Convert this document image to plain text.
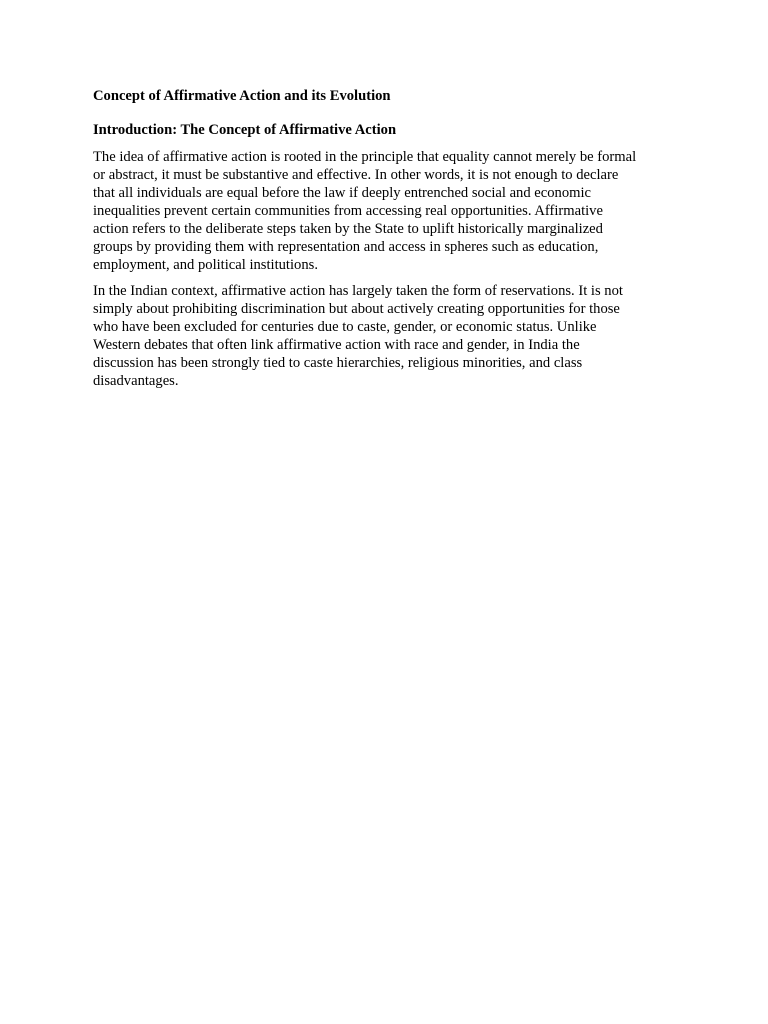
Concept of Affirmative Action and its Evolution

Introduction: The Concept of Affirmative Action

The idea of affirmative action is rooted in the principle that equality cannot merely be formal
or abstract, it must be substantive and effective. In other words, it is not enough to declare
that all individuals are equal before the law if deeply entrenched social and economic
inequalities prevent certain communities from accessing real opportunities. Affirmative
action refers to the deliberate steps taken by the State to uplift historically marginalized
groups by providing them with representation and access in spheres such as education,
employment, and political institutions.
In the Indian context, affirmative action has largely taken the form of reservations. It is not
simply about prohibiting discrimination but about actively creating opportunities for those
who have been excluded for centuries due to caste, gender, or economic status. Unlike
Western debates that often link affirmative action with race and gender, in India the
discussion has been strongly tied to caste hierarchies, religious minorities, and class
disadvantages.
